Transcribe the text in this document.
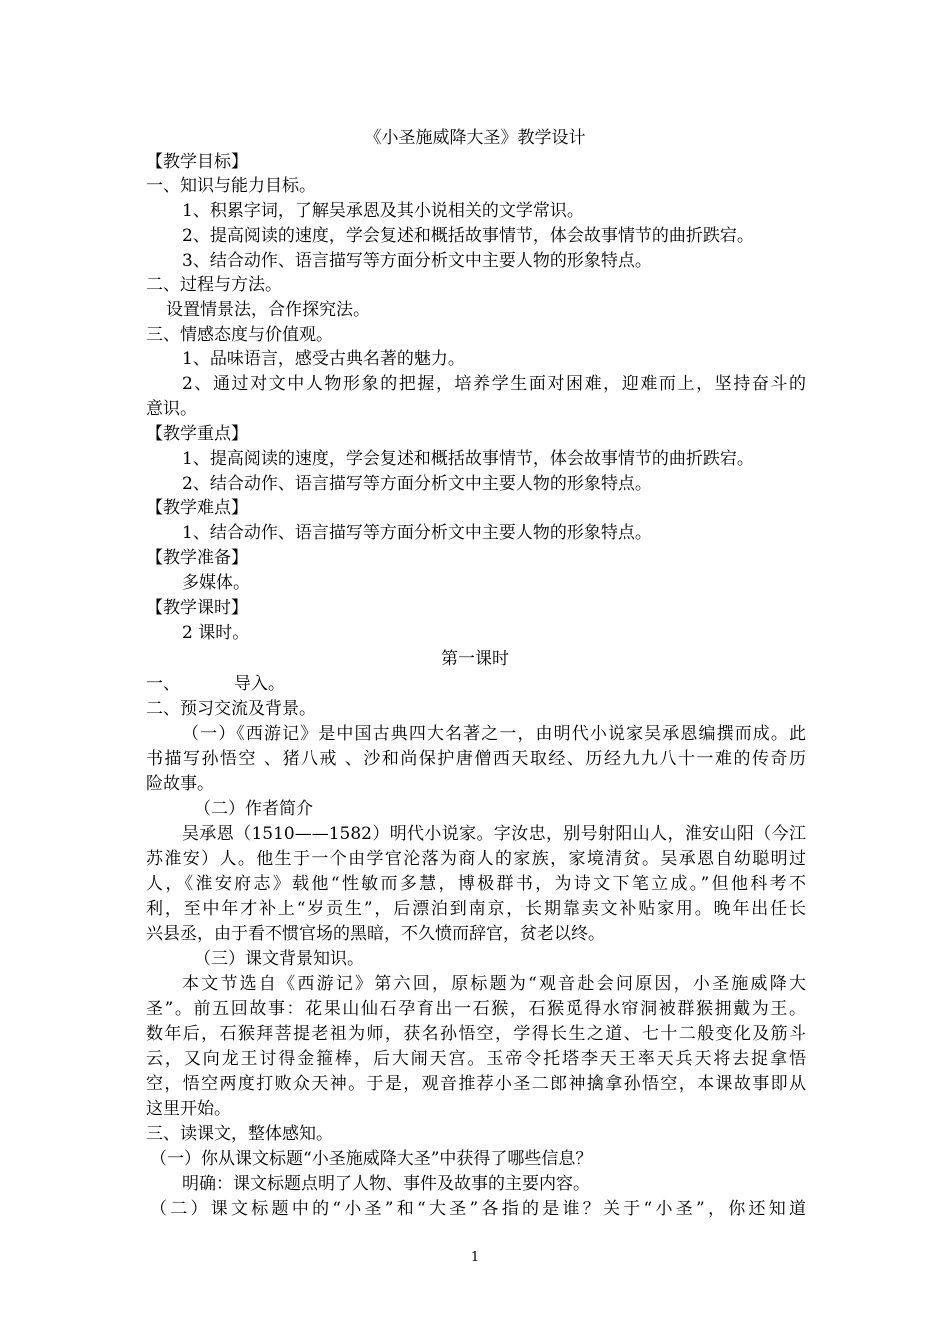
《小圣施威降大圣》教学设计
【教学目标】
一、知识与能力目标。
1、积累字词，了解吴承恩及其小说相关的文学常识。
2、提高阅读的速度，学会复述和概括故事情节，体会故事情节的曲折跌宕。
3、结合动作、语言描写等方面分析文中主要人物的形象特点。
二、过程与方法。
设置情景法，合作探究法。
三、情感态度与价值观。
1、品味语言，感受古典名著的魅力。
2、通过对文中人物形象的把握，培养学生面对困难，迎难而上，坚持奋斗的
意识。
【教学重点】
1、提高阅读的速度，学会复述和概括故事情节，体会故事情节的曲折跌宕。
2、结合动作、语言描写等方面分析文中主要人物的形象特点。
【教学难点】
1、结合动作、语言描写等方面分析文中主要人物的形象特点。
【教学准备】
多媒体。
【教学课时】
2 课时。
第一课时
一、	导入。
二、预习交流及背景。
（一）《西游记》是中国古典四大名著之一，由明代小说家吴承恩编撰而成。此
书描写孙悟空 、猪八戒 、沙和尚保护唐僧西天取经、历经九九八十一难的传奇历
险故事。
（二）作者简介
吴承恩（1510——1582）明代小说家。字汝忠，别号射阳山人，淮安山阳（今江
苏淮安）人。他生于一个由学官沦落为商人的家族，家境清贫。吴承恩自幼聪明过
人，《淮安府志》载他“性敏而多慧，博极群书，为诗文下笔立成。”但他科考不
利，至中年才补上“岁贡生”，后漂泊到南京，长期靠卖文补贴家用。晚年出任长
兴县丞，由于看不惯官场的黑暗，不久愤而辞官，贫老以终。
（三）课文背景知识。
本文节选自《西游记》第六回，原标题为“观音赴会问原因，小圣施威降大
圣”。前五回故事：花果山仙石孕育出一石猴，石猴觅得水帘洞被群猴拥戴为王。
数年后，石猴拜菩提老祖为师，获名孙悟空，学得长生之道、七十二般变化及筋斗
云，又向龙王讨得金箍棒，后大闹天宫。玉帝令托塔李天王率天兵天将去捉拿悟
空，悟空两度打败众天神。于是，观音推荐小圣二郎神擒拿孙悟空，本课故事即从
这里开始。
三、读课文，整体感知。
（一）你从课文标题“小圣施威降大圣”中获得了哪些信息？
明确：课文标题点明了人物、事件及故事的主要内容。
（二）课文标题中的“小圣”和“大圣”各指的是谁？关于“小圣”，你还知道
1
